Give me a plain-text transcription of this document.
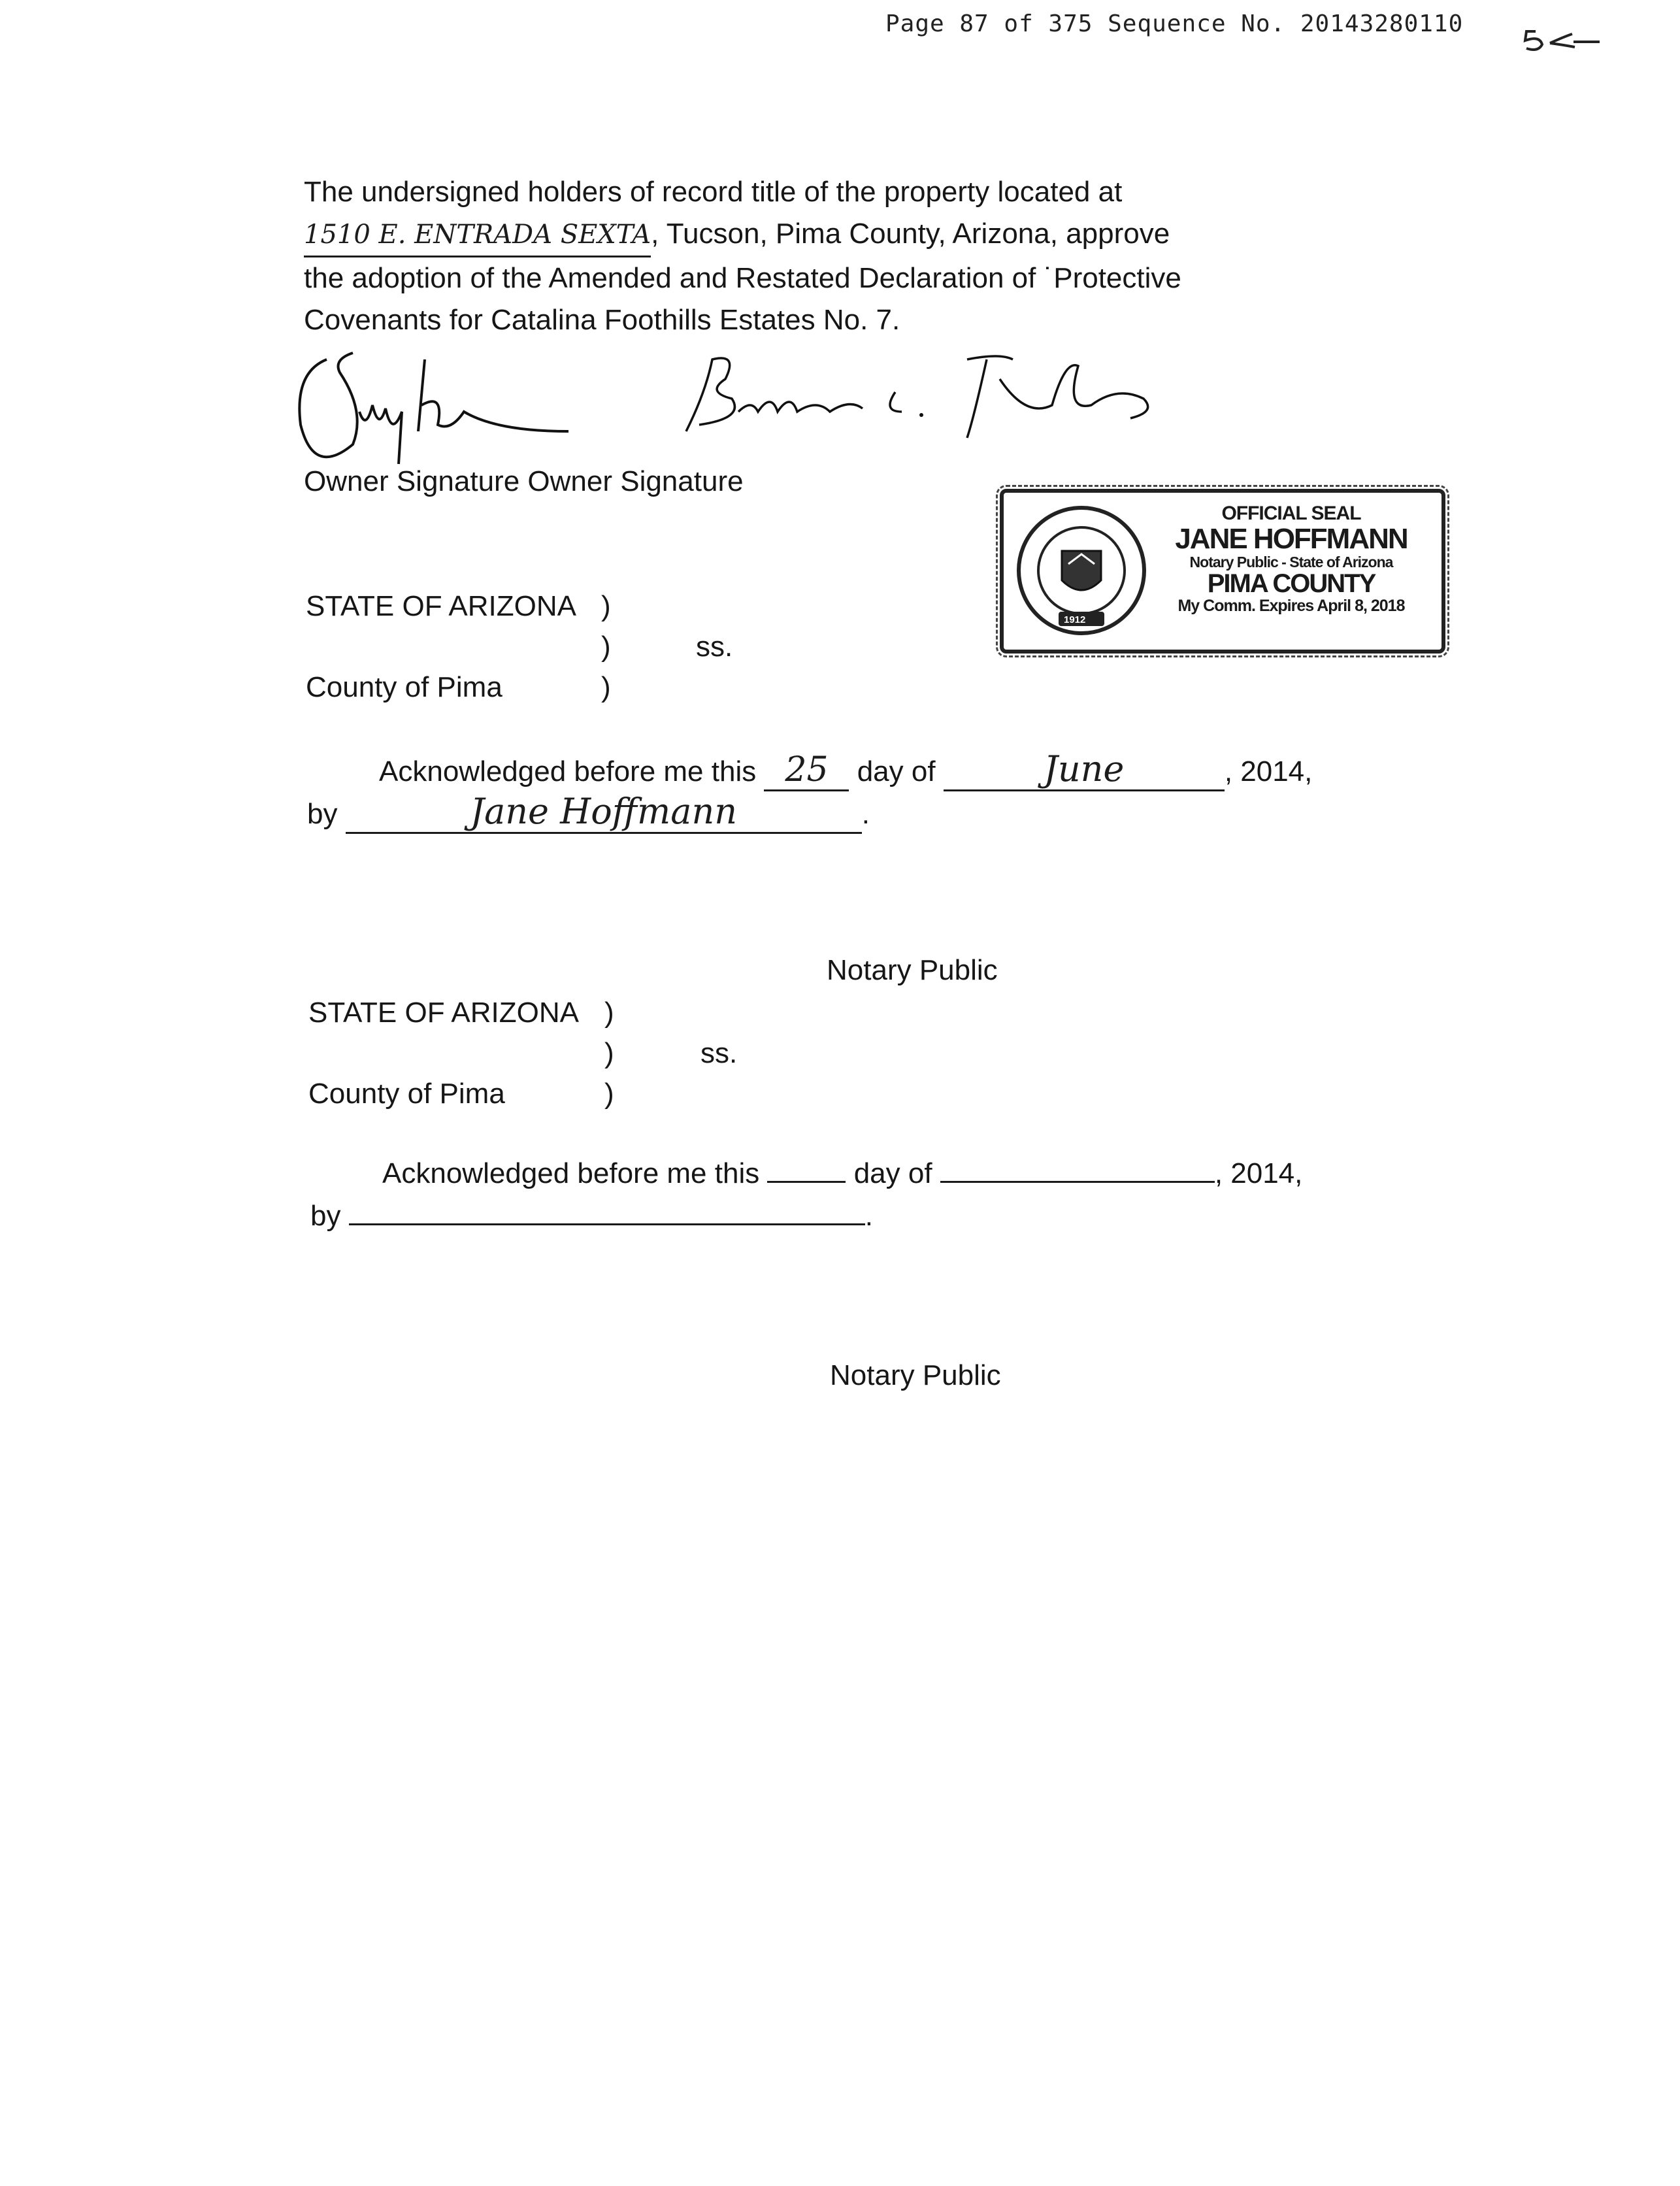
Page 87 of 375 Sequence No. 20143280110

The undersigned holders of record title of the property located at

1510 E. ENTRADA SEXTA, Tucson, Pima County, Arizona, approve

the adoption of the Amended and Restated Declaration of ˙Protective

Covenants for Catalina Foothills Estates No. 7.

Owner Signature Owner Signature
1912
OFFICIAL SEAL
JANE HOFFMANN
Notary Public - State of Arizona
PIMA COUNTY
My Comm. Expires April 8, 2018
STATE OF ARIZONA )
)	ss.
County of Pima	)
Acknowledged before me this 25 day of	June	, 2014,
by	Jane Hoffmann	.
Notary Public
STATE OF ARIZONA )
)	ss.
County of Pima	)
Acknowledged before me this	day of	, 2014,
by	.
Notary Public
